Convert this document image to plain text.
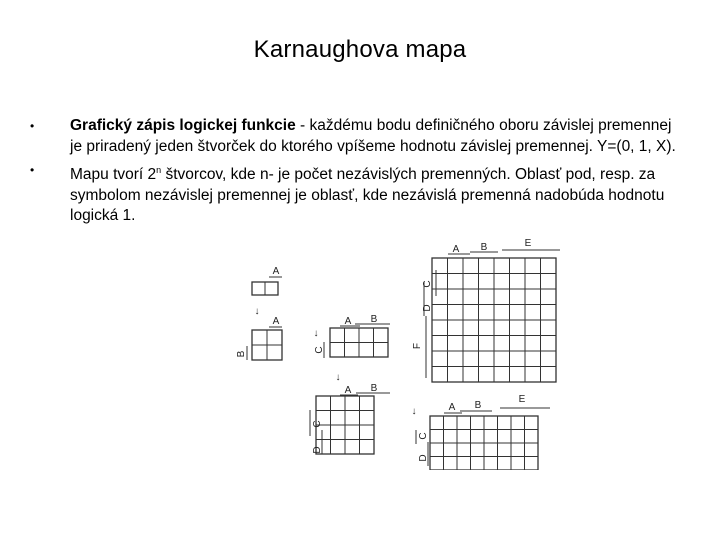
Karnaughova mapa
• Grafický zápis logickej funkcie - každému bodu definičného oboru závislej premennej je priradený jeden štvorček do ktorého vpíšeme hodnotu závislej premennej. Y=(0, 1, X).
• Mapu tvorí 2$^n$ štvorcov, kde n- je počet nezávislých premenných. Oblasť pod, resp. za symbolom nezávislej premennej je oblasť, kde nezávislá premenná nadobúda hodnotu logická 1.
A
↓
A
B
A B
C
↓
↓
A B
C
D
A B
E
↓
C
D
A B	E
C
D
F
